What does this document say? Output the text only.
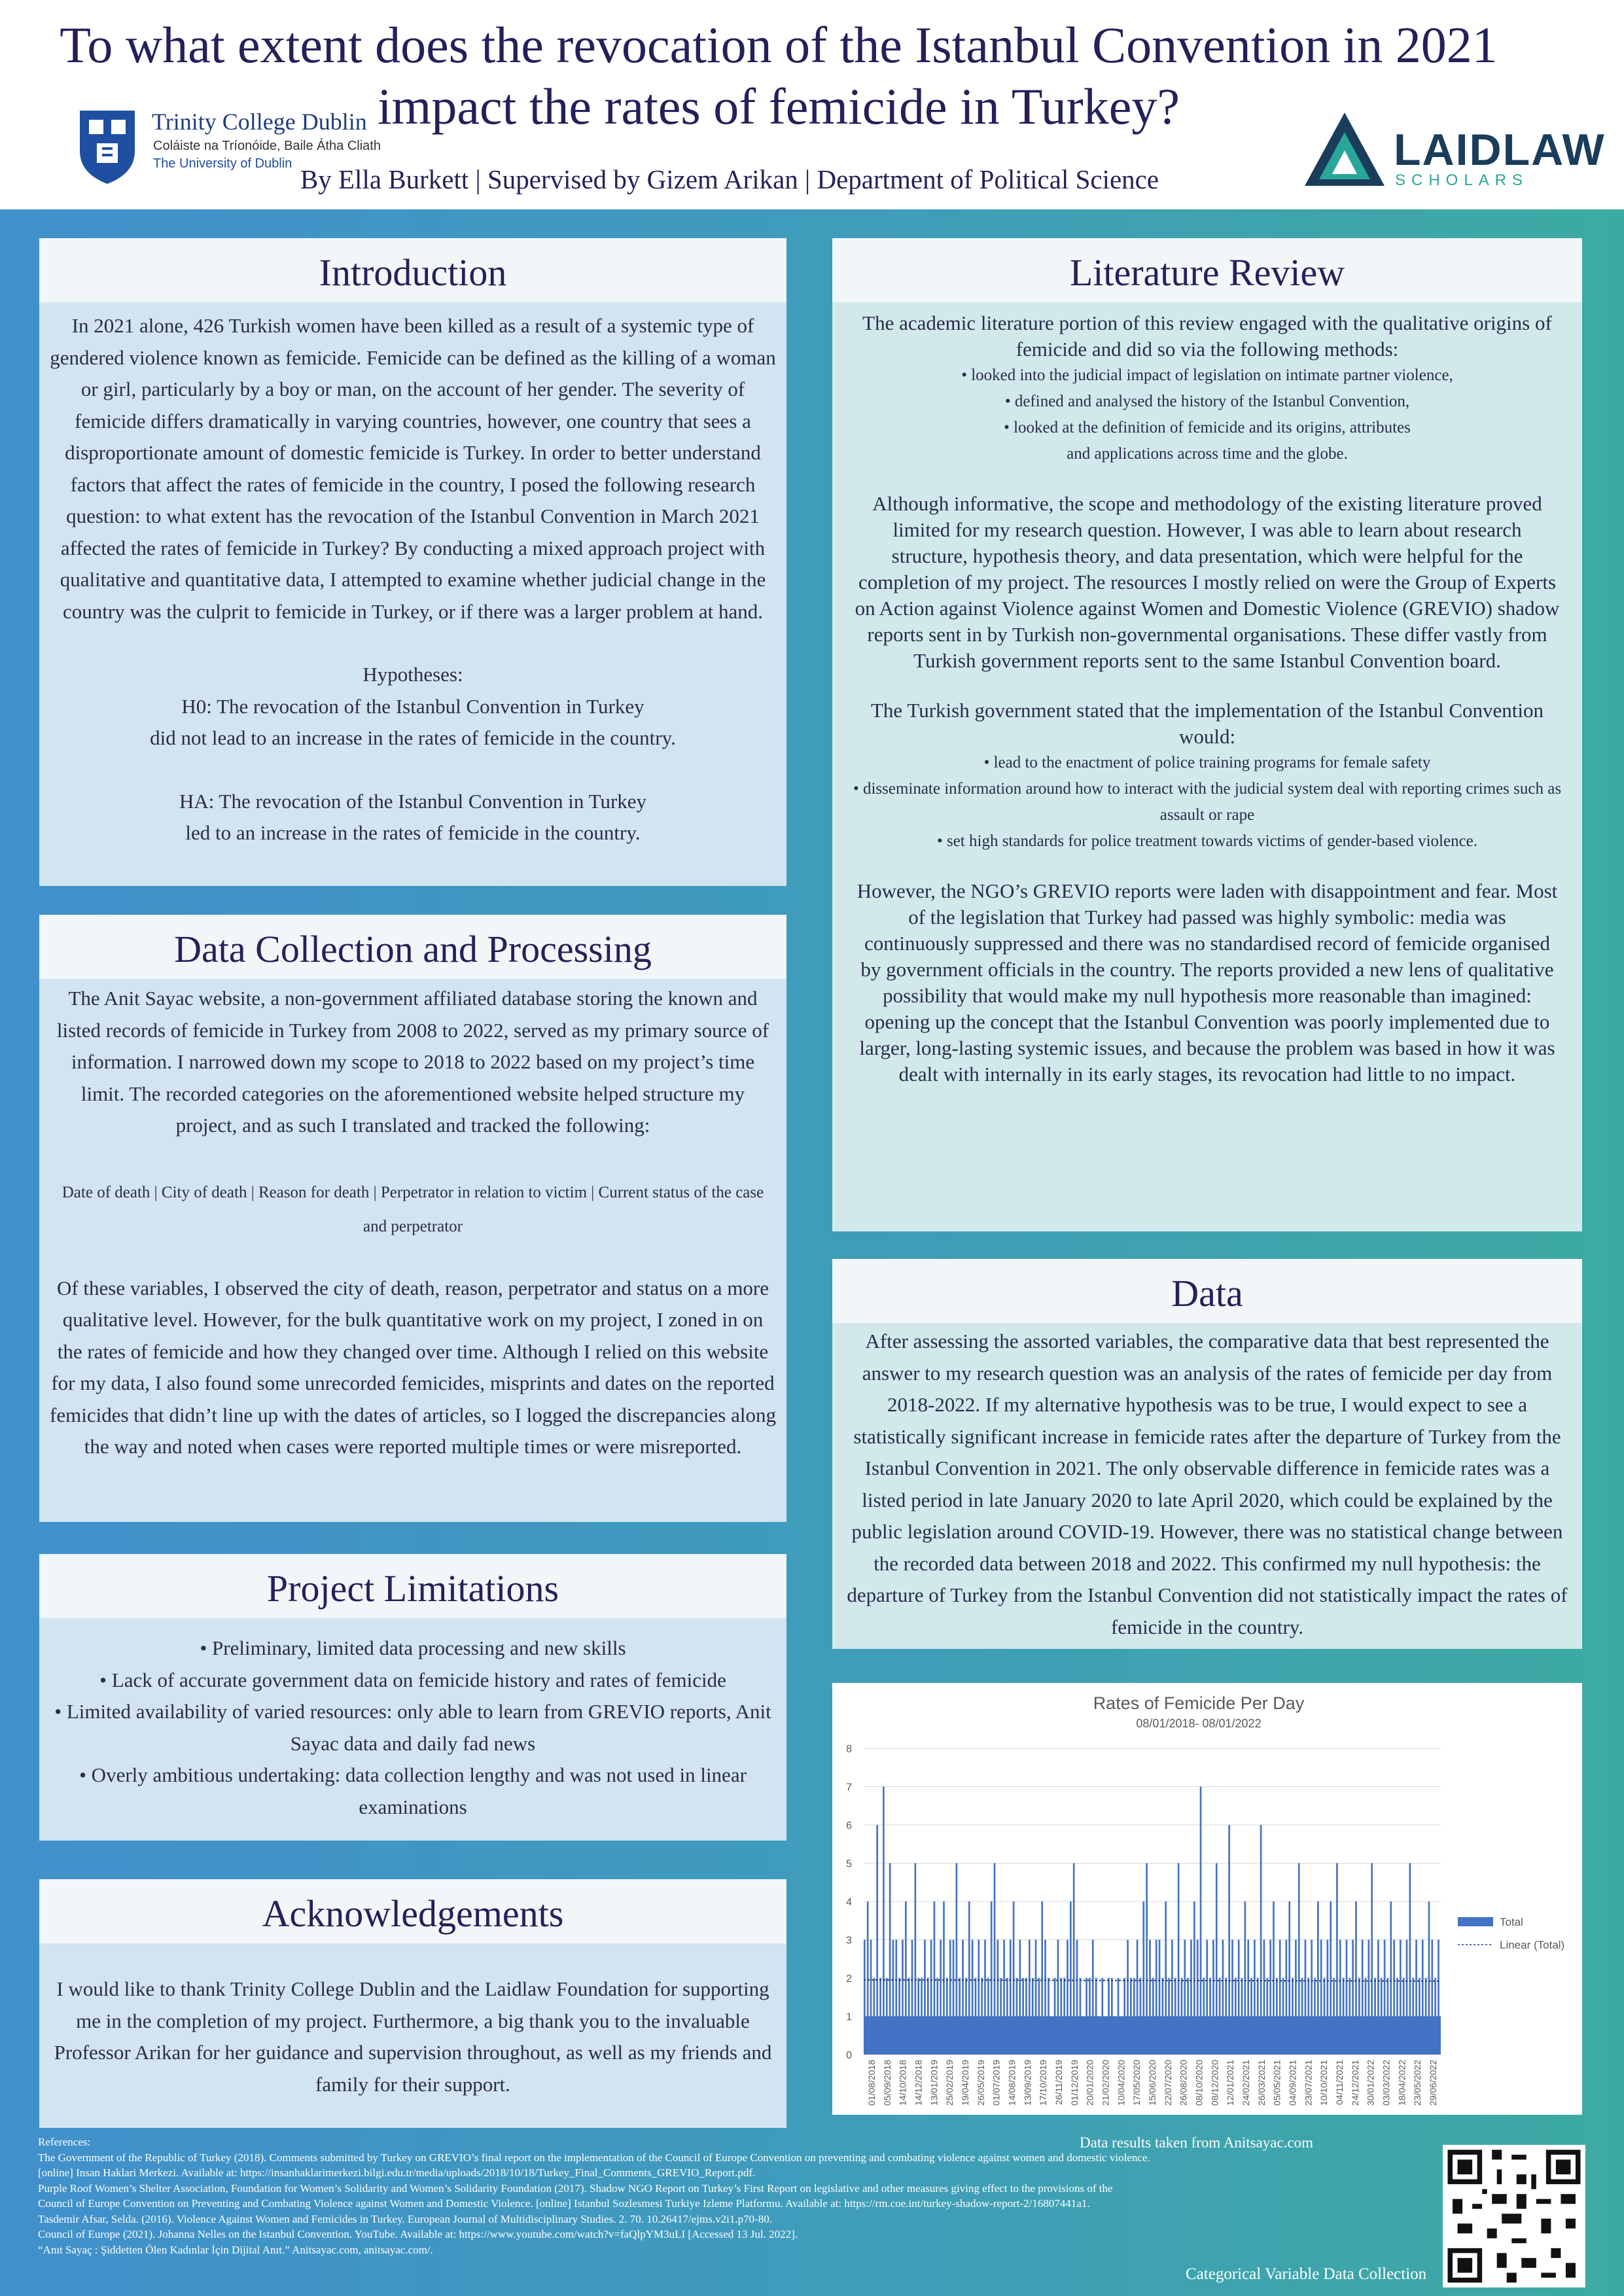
To what extent does the revocation of the Istanbul Convention in 2021
impact the rates of femicide in Turkey?
By Ella Burkett | Supervised by Gizem Arikan | Department of Political Science
Trinity College Dublin
Coláiste na Tríonóide, Baile Átha Cliath
The University of Dublin	LAIDLAW
SCHOLARS
Introduction

In 2021 alone, 426 Turkish women have been killed as a result of a systemic type of gendered violence known as femicide. Femicide can be defined as the killing of a woman or girl, particularly by a boy or man, on the account of her gender. The severity of femicide differs dramatically in varying countries, however, one country that sees a disproportionate amount of domestic femicide is Turkey. In order to better understand factors that affect the rates of femicide in the country, I posed the following research question: to what extent has the revocation of the Istanbul Convention in March 2021 affected the rates of femicide in Turkey? By conducting a mixed approach project with qualitative and quantitative data, I attempted to examine whether judicial change in the country was the culprit to femicide in Turkey, or if there was a larger problem at hand.

Hypotheses:

H0: The revocation of the Istanbul Convention in Turkey

did not lead to an increase in the rates of femicide in the country.

HA: The revocation of the Istanbul Convention in Turkey

led to an increase in the rates of femicide in the country.

Data Collection and Processing

The Anit Sayac website, a non-government affiliated database storing the known and listed records of femicide in Turkey from 2008 to 2022, served as my primary source of information. I narrowed down my scope to 2018 to 2022 based on my project’s time limit. The recorded categories on the aforementioned website helped structure my project, and as such I translated and tracked the following:

Date of death | City of death | Reason for death | Perpetrator in relation to victim | Current status of the case and perpetrator

Of these variables, I observed the city of death, reason, perpetrator and status on a more qualitative level. However, for the bulk quantitative work on my project, I zoned in on the rates of femicide and how they changed over time. Although I relied on this website for my data, I also found some unrecorded femicides, misprints and dates on the reported femicides that didn’t line up with the dates of articles, so I logged the discrepancies along the way and noted when cases were reported multiple times or were misreported.

Project Limitations

• Preliminary, limited data processing and new skills

• Lack of accurate government data on femicide history and rates of femicide

• Limited availability of varied resources: only able to learn from GREVIO reports, Anit Sayac data and daily fad news

• Overly ambitious undertaking: data collection lengthy and was not used in linear examinations

Acknowledgements

I would like to thank Trinity College Dublin and the Laidlaw Foundation for supporting me in the completion of my project. Furthermore, a big thank you to the invaluable Professor Arikan for her guidance and supervision throughout, as well as my friends and family for their support.

Literature Review

The academic literature portion of this review engaged with the qualitative origins of femicide and did so via the following methods:

• looked into the judicial impact of legislation on intimate partner violence,

• defined and analysed the history of the Istanbul Convention,

• looked at the definition of femicide and its origins, attributes and applications across time and the globe.

Although informative, the scope and methodology of the existing literature proved limited for my research question. However, I was able to learn about research structure, hypothesis theory, and data presentation, which were helpful for the completion of my project. The resources I mostly relied on were the Group of Experts on Action against Violence against Women and Domestic Violence (GREVIO) shadow reports sent in by Turkish non-governmental organisations. These differ vastly from Turkish government reports sent to the same Istanbul Convention board.

The Turkish government stated that the implementation of the Istanbul Convention would:

• lead to the enactment of police training programs for female safety

• disseminate information around how to interact with the judicial system deal with reporting crimes such as assault or rape

• set high standards for police treatment towards victims of gender-based violence.

However, the NGO’s GREVIO reports were laden with disappointment and fear. Most of the legislation that Turkey had passed was highly symbolic: media was continuously suppressed and there was no standardised record of femicide organised by government officials in the country. The reports provided a new lens of qualitative possibility that would make my null hypothesis more reasonable than imagined: opening up the concept that the Istanbul Convention was poorly implemented due to larger, long-lasting systemic issues, and because the problem was based in how it was dealt with internally in its early stages, its revocation had little to no impact.

Data

After assessing the assorted variables, the comparative data that best represented the answer to my research question was an analysis of the rates of femicide per day from 2018-2022. If my alternative hypothesis was to be true, I would expect to see a statistically significant increase in femicide rates after the departure of Turkey from the Istanbul Convention in 2021. The only observable difference in femicide rates was a listed period in late January 2020 to late April 2020, which could be explained by the public legislation around COVID-19. However, there was no statistical change between the recorded data between 2018 and 2022. This confirmed my null hypothesis: the departure of Turkey from the Istanbul Convention did not statistically impact the rates of femicide in the country.

Rates of Femicide Per Day
08/01/2018- 08/01/2022
0
1
2
3
4
5
6
7
8
01/08/2018 05/09/2018 14/10/2018 14/12/2018 13/01/2019 25/02/2019 19/04/2019 26/05/2019 01/07/2019 14/08/2019 13/09/2019 17/10/2019 26/11/2019 01/12/2019 20/01/2020 21/02/2020 10/04/2020 17/05/2020 15/06/2020 22/07/2020 26/08/2020 08/10/2020 08/12/2020 12/01/2021 24/02/2021 26/03/2021 05/05/2021 04/09/2021 23/07/2021 10/10/2021 04/11/2021 24/12/2021 30/01/2022 03/03/2022 18/04/2022 23/05/2022 29/06/2022
Total
Linear (Total)
References:
The Government of the Republic of Turkey (2018). Comments submitted by Turkey on GREVIO’s final report on the implementation of the Council of Europe Convention on preventing and combating violence against women and domestic violence.
[online] Insan Haklari Merkezi. Available at: https://insanhaklarimerkezi.bilgi.edu.tr/media/uploads/2018/10/18/Turkey_Final_Comments_GREVIO_Report.pdf.
Purple Roof Women’s Shelter Association, Foundation for Women’s Solidarity and Women’s Solidarity Foundation (2017). Shadow NGO Report on Turkey’s First Report on legislative and other measures giving effect to the provisions of the
Council of Europe Convention on Preventing and Combating Violence against Women and Domestic Violence. [online] Istanbul Sozlesmesi Turkiye Izleme Platformu. Available at: https://rm.coe.int/turkey-shadow-report-2/16807441a1.
Tasdemir Afsar, Selda. (2016). Violence Against Women and Femicides in Turkey. European Journal of Multidisciplinary Studies. 2. 70. 10.26417/ejms.v2i1.p70-80.
Council of Europe (2021). Johanna Nelles on the Istanbul Convention. YouTube. Available at: https://www.youtube.com/watch?v=faQlpYM3uLI [Accessed 13 Jul. 2022].
“Anıt Sayaç : Şiddetten Ölen Kadınlar İçin Dijital Anıt.” Anitsayac.com, anitsayac.com/.
Data results taken from Anitsayac.com
Categorical Variable Data Collection
